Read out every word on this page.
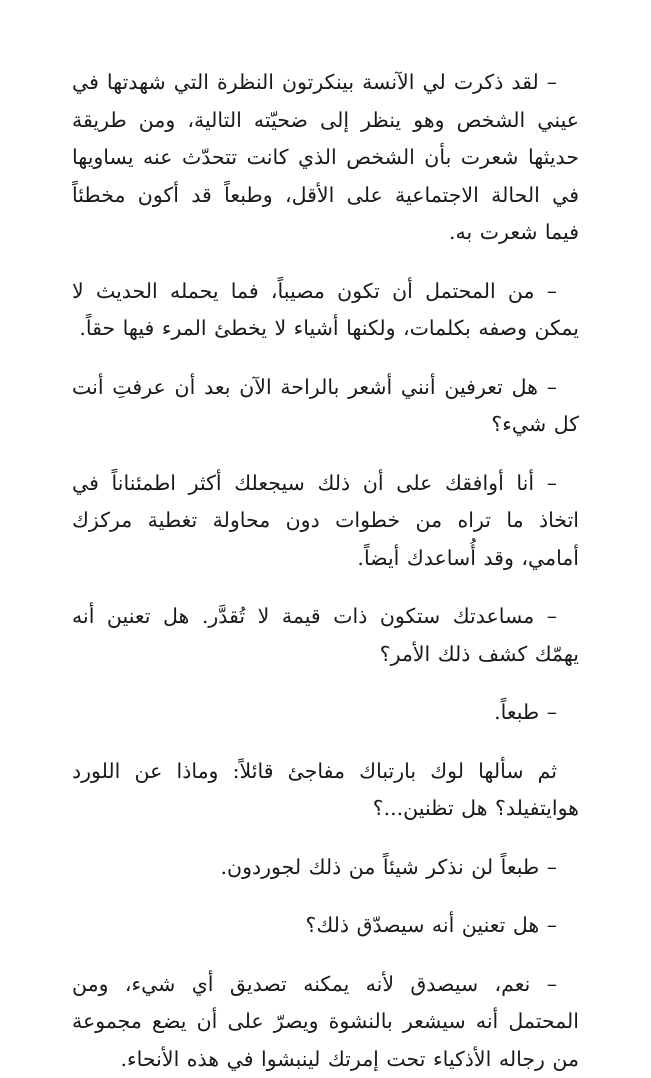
– لقد ذكرت لي الآنسة بينكرتون النظرة التي شهدتها في عيني الشخص وهو ينظر إلى ضحيّته التالية، ومن طريقة حديثها شعرت بأن الشخص الذي كانت تتحدّث عنه يساويها في الحالة الاجتماعية على الأقل، وطبعاً قد أكون مخطئاً فيما شعرت به.

– من المحتمل أن تكون مصيباً، فما يحمله الحديث لا يمكن وصفه بكلمات، ولكنها أشياء لا يخطئ المرء فيها حقاً.

– هل تعرفين أنني أشعر بالراحة الآن بعد أن عرفتِ أنت كل شيء؟

– أنا أوافقك على أن ذلك سيجعلك أكثر اطمئناناً في اتخاذ ما تراه من خطوات دون محاولة تغطية مركزك أمامي، وقد أُساعدك أيضاً.

– مساعدتك ستكون ذات قيمة لا تُقدَّر. هل تعنين أنه يهمّك كشف ذلك الأمر؟

– طبعاً.

ثم سألها لوك بارتباك مفاجئ قائلاً: وماذا عن اللورد هوايتفيلد؟ هل تظنين...؟

– طبعاً لن نذكر شيئاً من ذلك لجوردون.

– هل تعنين أنه سيصدّق ذلك؟

– نعم، سيصدق لأنه يمكنه تصديق أي شيء، ومن المحتمل أنه سيشعر بالنشوة ويصرّ على أن يضع مجموعة من رجاله الأذكياء تحت إمرتك لينبشوا في هذه الأنحاء.
